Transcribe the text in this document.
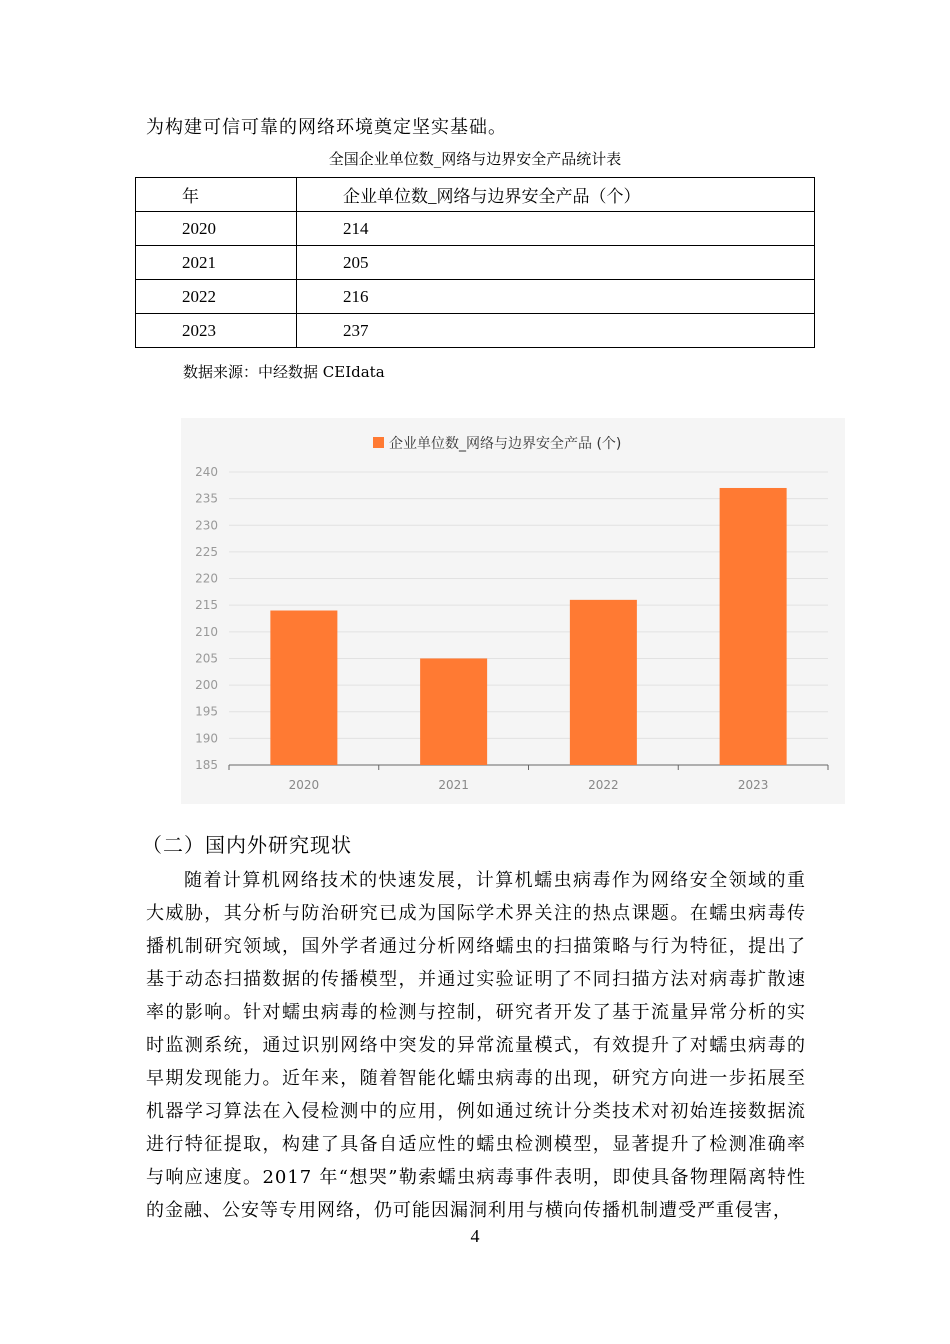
为构建可信可靠的网络环境奠定坚实基础。
全国企业单位数_网络与边界安全产品统计表
年	企业单位数_网络与边界安全产品（个）
2020	214
2021	205
2022	216
2023	237
数据来源：中经数据 CEIdata
企业单位数_网络与边界安全产品 (个)
240
235
230
225
220
215
210
205
200
195
190
185
2020	2021	2022	2023
（二）国内外研究现状

随着计算机网络技术的快速发展，计算机蠕虫病毒作为网络安全领域的重大威胁，其分析与防治研究已成为国际学术界关注的热点课题。在蠕虫病毒传播机制研究领域，国外学者通过分析网络蠕虫的扫描策略与行为特征，提出了基于动态扫描数据的传播模型，并通过实验证明了不同扫描方法对病毒扩散速率的影响。针对蠕虫病毒的检测与控制，研究者开发了基于流量异常分析的实时监测系统，通过识别网络中突发的异常流量模式，有效提升了对蠕虫病毒的早期发现能力。近年来，随着智能化蠕虫病毒的出现，研究方向进一步拓展至机器学习算法在入侵检测中的应用，例如通过统计分类技术对初始连接数据流进行特征提取，构建了具备自适应性的蠕虫检测模型，显著提升了检测准确率与响应速度。2017 年“想哭”勒索蠕虫病毒事件表明，即使具备物理隔离特性的金融、公安等专用网络，仍可能因漏洞利用与横向传播机制遭受严重侵害，

4
